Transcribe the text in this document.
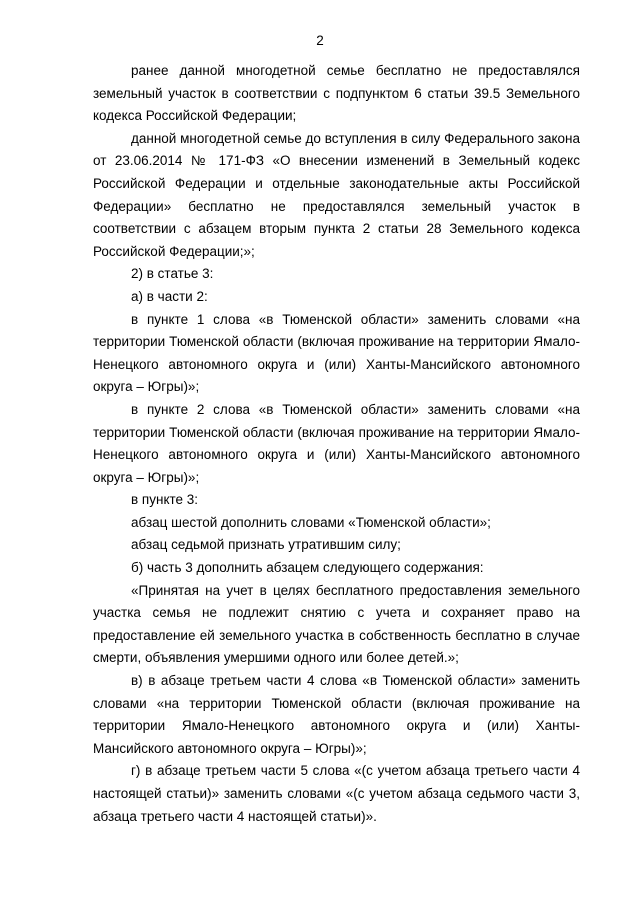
2

ранее данной многодетной семье бесплатно не предоставлялся земельный участок в соответствии с подпунктом 6 статьи 39.5 Земельного кодекса Российской Федерации;

данной многодетной семье до вступления в силу Федерального закона от 23.06.2014 № 171-ФЗ «О внесении изменений в Земельный кодекс Российской Федерации и отдельные законодательные акты Российской Федерации» бесплатно не предоставлялся земельный участок в соответствии с абзацем вторым пункта 2 статьи 28 Земельного кодекса Российской Федерации;»;

2) в статье 3:

а) в части 2:

в пункте 1 слова «в Тюменской области» заменить словами «на территории Тюменской области (включая проживание на территории Ямало-Ненецкого автономного округа и (или) Ханты-Мансийского автономного округа – Югры)»;

в пункте 2 слова «в Тюменской области» заменить словами «на территории Тюменской области (включая проживание на территории Ямало-Ненецкого автономного округа и (или) Ханты-Мансийского автономного округа – Югры)»;

в пункте 3:

абзац шестой дополнить словами «Тюменской области»;

абзац седьмой признать утратившим силу;

б) часть 3 дополнить абзацем следующего содержания:

«Принятая на учет в целях бесплатного предоставления земельного участка семья не подлежит снятию с учета и сохраняет право на предоставление ей земельного участка в собственность бесплатно в случае смерти, объявления умершими одного или более детей.»;

в) в абзаце третьем части 4 слова «в Тюменской области» заменить словами «на территории Тюменской области (включая проживание на территории Ямало-Ненецкого автономного округа и (или) Ханты-Мансийского автономного округа – Югры)»;

г) в абзаце третьем части 5 слова «(с учетом абзаца третьего части 4 настоящей статьи)» заменить словами «(с учетом абзаца седьмого части 3, абзаца третьего части 4 настоящей статьи)».
